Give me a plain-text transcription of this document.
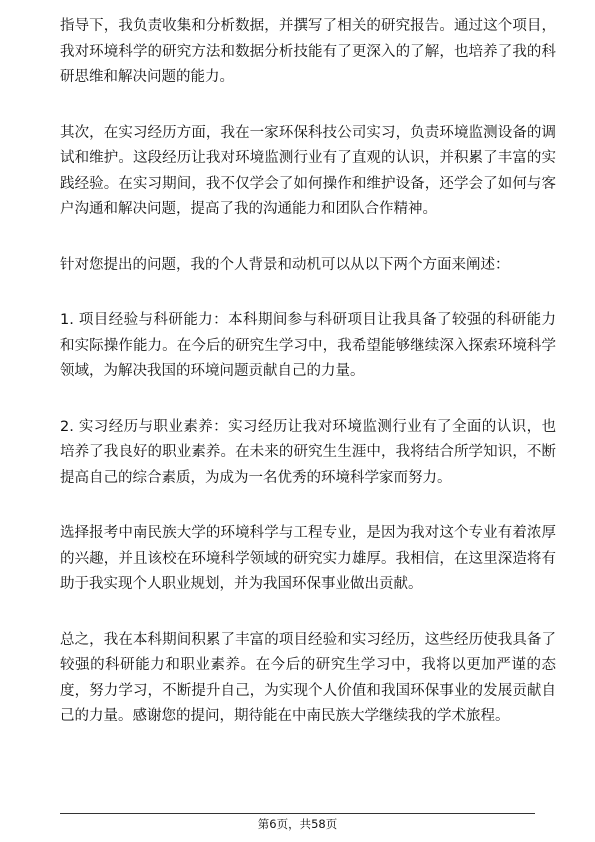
指导下，我负责收集和分析数据，并撰写了相关的研究报告。通过这个项目，我对环境科学的研究方法和数据分析技能有了更深入的了解，也培养了我的科研思维和解决问题的能力。

其次，在实习经历方面，我在一家环保科技公司实习，负责环境监测设备的调试和维护。这段经历让我对环境监测行业有了直观的认识，并积累了丰富的实践经验。在实习期间，我不仅学会了如何操作和维护设备，还学会了如何与客户沟通和解决问题，提高了我的沟通能力和团队合作精神。

针对您提出的问题，我的个人背景和动机可以从以下两个方面来阐述：

1. 项目经验与科研能力：本科期间参与科研项目让我具备了较强的科研能力和实际操作能力。在今后的研究生学习中，我希望能够继续深入探索环境科学领域，为解决我国的环境问题贡献自己的力量。

2. 实习经历与职业素养：实习经历让我对环境监测行业有了全面的认识，也培养了我良好的职业素养。在未来的研究生生涯中，我将结合所学知识，不断提高自己的综合素质，为成为一名优秀的环境科学家而努力。

选择报考中南民族大学的环境科学与工程专业，是因为我对这个专业有着浓厚的兴趣，并且该校在环境科学领域的研究实力雄厚。我相信，在这里深造将有助于我实现个人职业规划，并为我国环保事业做出贡献。

总之，我在本科期间积累了丰富的项目经验和实习经历，这些经历使我具备了较强的科研能力和职业素养。在今后的研究生学习中，我将以更加严谨的态度，努力学习，不断提升自己，为实现个人价值和我国环保事业的发展贡献自己的力量。感谢您的提问，期待能在中南民族大学继续我的学术旅程。

第6页，共58页
